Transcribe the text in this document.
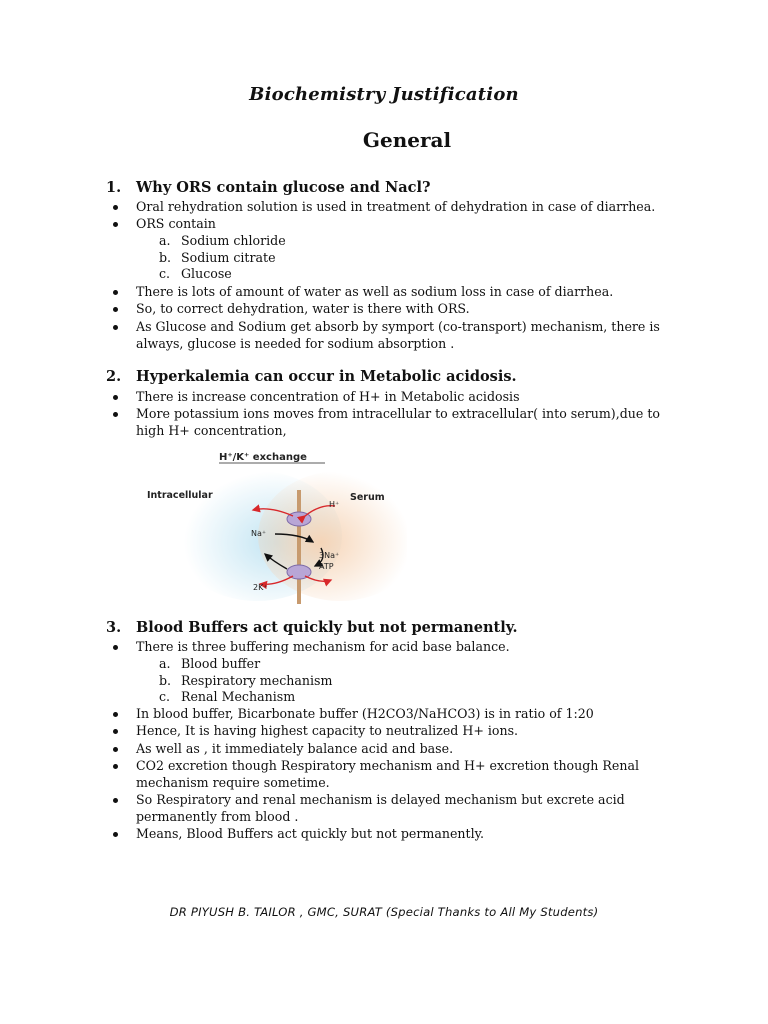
Biochemistry Justification
General
1. Why ORS contain glucose and Nacl?
Oral rehydration solution is used in treatment of dehydration in case of diarrhea.
ORS contain
a. Sodium chloride
b. Sodium citrate
c. Glucose
There is lots of amount of water as well as sodium loss in case of diarrhea.
So, to correct dehydration, water is there with ORS.
As Glucose and Sodium get absorb by symport (co-transport) mechanism, there is
always, glucose is needed for sodium absorption .
2. Hyperkalemia can occur in Metabolic acidosis.
There is increase concentration of H+ in Metabolic acidosis
More potassium ions moves from intracellular to extracellular( into serum),due to
high H+ concentration,
H⁺/K⁺ exchange
Intracellular	Serum
H⁺
Na⁺
3Na⁺
ATP
2K⁺
3. Blood Buffers act quickly but not permanently.
There is three buffering mechanism for acid base balance.
a. Blood buffer
b. Respiratory mechanism
c. Renal Mechanism
In blood buffer, Bicarbonate buffer (H2CO3/NaHCO3) is in ratio of 1:20
Hence, It is having highest capacity to neutralized H+ ions.
As well as , it immediately balance acid and base.
CO2 excretion though Respiratory mechanism and H+ excretion though Renal
mechanism require sometime.
So Respiratory and renal mechanism is delayed mechanism but excrete acid
permanently from blood .
Means, Blood Buffers act quickly but not permanently.
DR PIYUSH B. TAILOR , GMC, SURAT (Special Thanks to All My Students)
